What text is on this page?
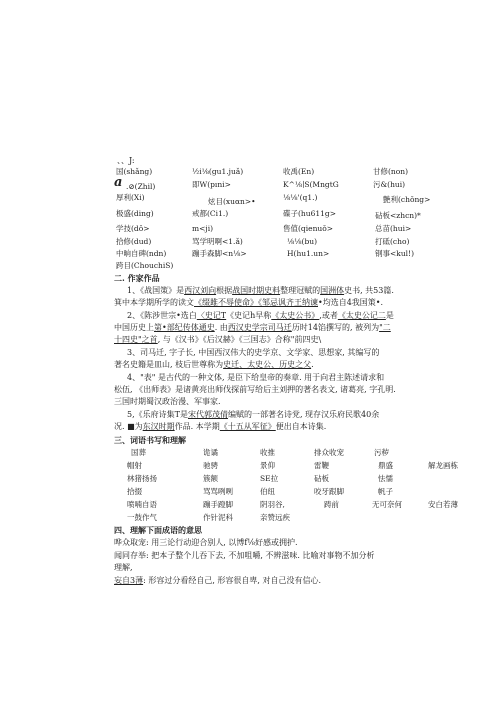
、、J:
国(shǎng)	½i⅛(gu1.juǎ)	收禹(En)	甘修(non)
a .⊘(Zhil)	即W(pıni>	K^⅛∣S(MngtG	污&(hui)
厚利(Xi)	炫目(xuαn>•	⅛⅛'(q1.)	艶利(chǒng>
极盛(ding)	戒都(Ci1.)	碟子(hu611g>	砧板<zhcn)*
学技(dǒ>	m<ji)	售值(qienuǒ>	总苗(hui>
拾修(dud)	骂学明啊<1.ǎ)	⅛⅛(bu)	打砥(cho)
中晌自碑(ndn)	蹦手森脚<n⅛>	H(hu1.un>	钢事<kul!)
跨目(ChouchiS)
二. 作家作品
1、《战国策》是西汉刘向根据战国时期史料整理冠赋的国洲体史书, 共53篇.
箕中本学期所学的读文《缀雎不辱使命》《邹忌讽齐王纳谏•均选自4我国策•.
2、《陈涉世宗•选白〈史记T《史记h早称《太史公书》,或者《太史公记二是
中国历史上第•部纪传体通史. 由西汉史学宗司马迁历时14馅撰写的, 被列为"二
十四史"之首, 与《汉书》《后汉赫》《三国志》合称"前四史\
3、司马迁, 字子长, 中国西汉伟大的史学京、文学家、思想家, 其编写的
著名史籍是皿山, 枝后世尊称为史迁、太史公、历史之父.
4、"表" 是古代的一种文体, 是臣下给皇帝的奏章. 用于向君主陈述请求和
松伍, 《出师表》是诸黄亮出师伐探前写给后主刘押的著名表文, 诸葛亮, 字孔明.
三国时期蜀汉政治漫、军事家.
5,《乐府诗集T是宋代郭茂倩编赋的一部著名诗党, 现存汉乐府民歌40余
况. ■为东汉时期作品. 本学期《十五从军征》便出自本诗集.
三、词语书写和理解
国葬	诡谲	收推	排众收宠	污秽
帽射	驰骋	景仰	雷鞭	鼎盛	解龙画栋
林猪扬扬	簇额	SE拉	砧板	怯懦
拾掇	骂骂咧咧	伯纽	咬牙跟脚	帆子
喷喃自语	蹦手蹬脚	阴羽谷,	踌前	无可奈何	安白若薄
一鼓作气	作针泥科	亲赞远疾
四、理解下面成语的意思
哗众取宠: 用三论行动迎合别人, 以博f⅛好感或拥护.
闻同存举: 把本子整个儿吞下去, 不加咀嚼, 不辨滋味. 比喻对事物不加分析
理解,
妄自3薄: 形容过分看经自己, 形容很自卑, 对自己没有信心.
